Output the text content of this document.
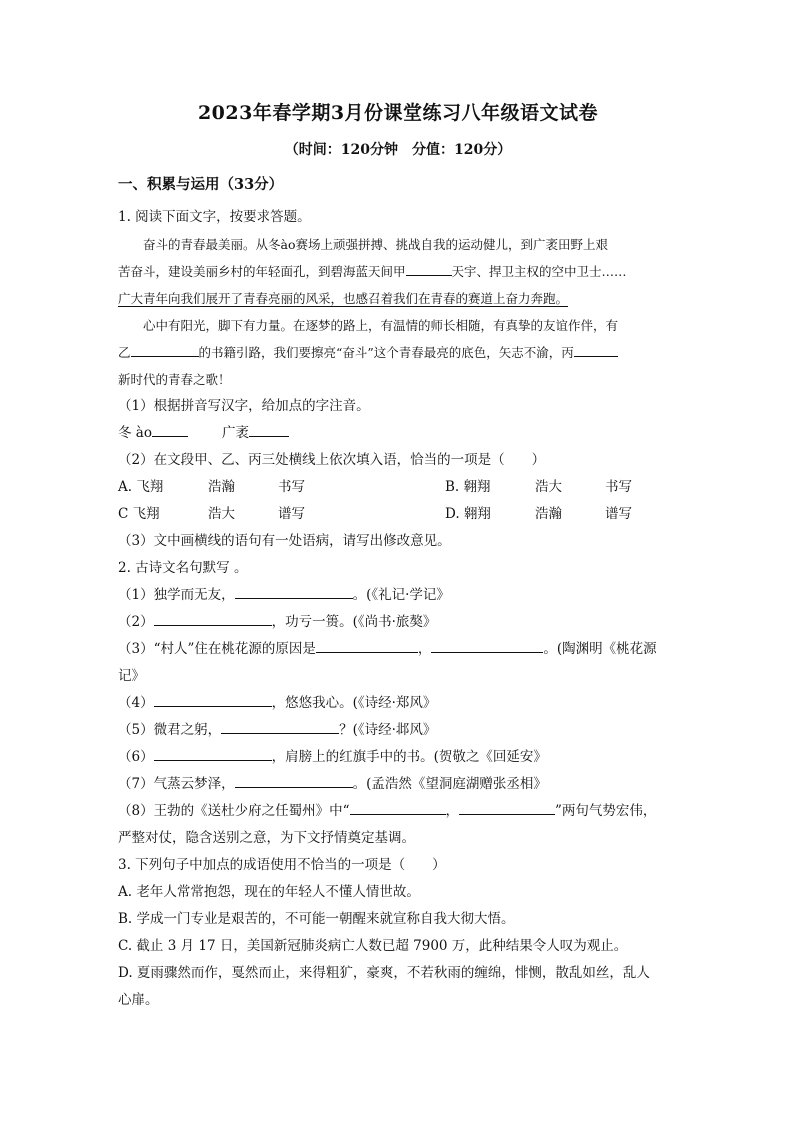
2023年春学期3月份课堂练习八年级语文试卷
（时间：120分钟　分值：120分）
一、积累与运用（33分）

1. 阅读下面文字，按要求答题。

奋斗的青春最美丽。从冬ào赛场上顽强拼搏、挑战自我的运动健儿，到广袤田野上艰

苦奋斗，建设美丽乡村的年轻面孔，到碧海蓝天间甲	天宇、捍卫主权的空中卫士……

广大青年向我们展开了青春亮丽的风采，也感召着我们在青春的赛道上奋力奔跑。

心中有阳光，脚下有力量。在逐梦的路上，有温情的师长相随，有真挚的友谊作伴，有

乙	的书籍引路，我们要擦亮“奋斗”这个青春最亮的底色，矢志不渝，丙

新时代的青春之歌！

（1）根据拼音写汉字，给加点的字注音。

冬 ào	广袤

（2）在文段甲、乙、丙三处横线上依次填入语，恰当的一项是（　　）

A. 飞翔	浩瀚	书写	B. 翱翔	浩大	书写
C 飞翔	浩大	谱写	D. 翱翔	浩瀚	谱写

（3）文中画横线的语句有一处语病，请写出修改意见。

2. 古诗文名句默写 。

（1）独学而无友，	。(《礼记·学记》

（2）	，功亏一篑。(《尚书·旅獒》

（3）“村人”住在桃花源的原因是	，	。(陶渊明《桃花源

记》

（4）	，悠悠我心。(《诗经·郑风》

（5）微君之躬，	？(《诗经·邶风》

（6）	，肩膀上的红旗手中的书。(贺敬之《回延安》

（7）气蒸云梦泽，	。(孟浩然《望洞庭湖赠张丞相》

（8）王勃的《送杜少府之任蜀州》中“	，	”两句气势宏伟，

严整对仗，隐含送别之意，为下文抒情奠定基调。

3. 下列句子中加点的成语使用不恰当的一项是（　　）

A. 老年人常常抱怨，现在的年轻人不懂人情世故。

B. 学成一门专业是艰苦的，不可能一朝醒来就宣称自我大彻大悟。

C. 截止 3 月 17 日，美国新冠肺炎病亡人数已超 7900 万，此种结果令人叹为观止。

D. 夏雨骤然而作，戛然而止，来得粗犷，豪爽，不若秋雨的缠绵，悱恻，散乱如丝，乱人

心扉。
